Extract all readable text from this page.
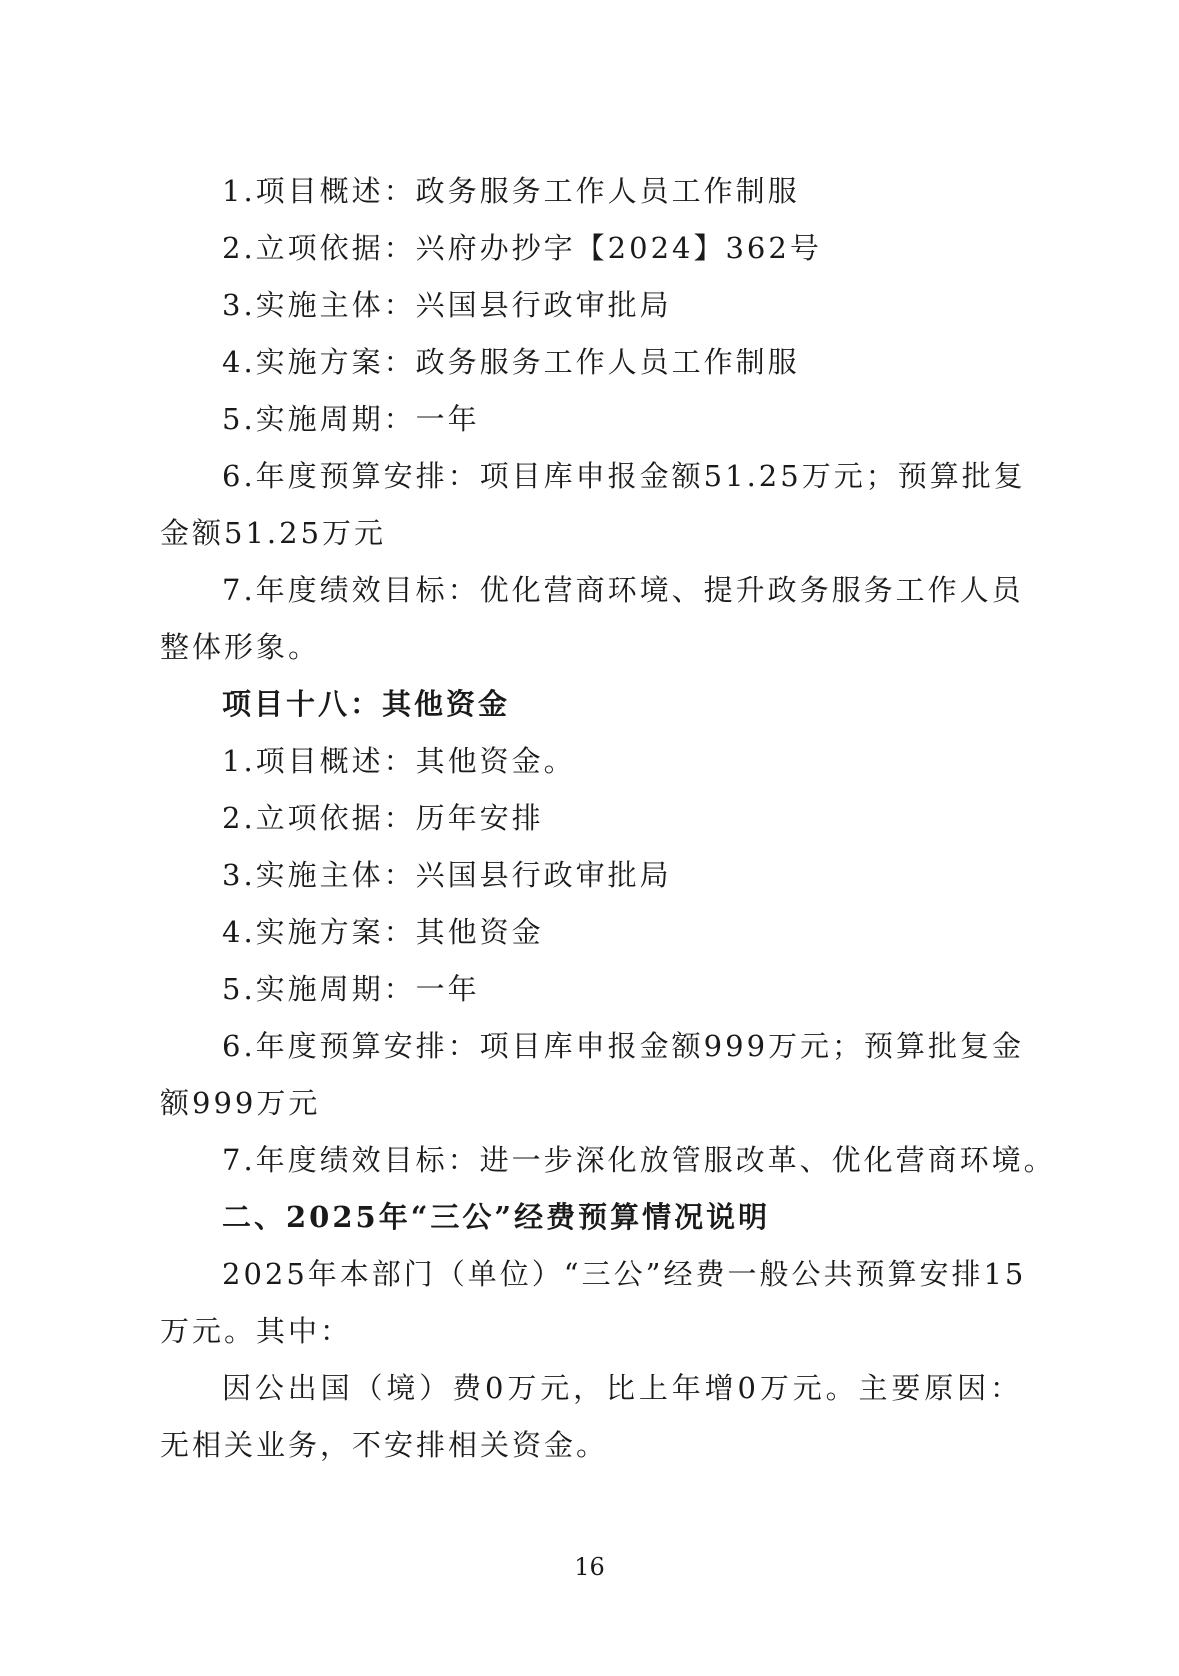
1.项目概述：政务服务工作人员工作制服
2.立项依据：兴府办抄字【2024】362号
3.实施主体：兴国县行政审批局
4.实施方案：政务服务工作人员工作制服
5.实施周期：一年
6.年度预算安排：项目库申报金额51.25万元；预算批复
金额51.25万元
7.年度绩效目标：优化营商环境、提升政务服务工作人员
整体形象。
项目十八：其他资金
1.项目概述：其他资金。
2.立项依据：历年安排
3.实施主体：兴国县行政审批局
4.实施方案：其他资金
5.实施周期：一年
6.年度预算安排：项目库申报金额999万元；预算批复金
额999万元
7.年度绩效目标：进一步深化放管服改革、优化营商环境。
二、2025年“三公”经费预算情况说明
2025年本部门（单位）“三公”经费一般公共预算安排15
万元。其中：
因公出国（境）费0万元，比上年增0万元。主要原因：
无相关业务，不安排相关资金。
16
